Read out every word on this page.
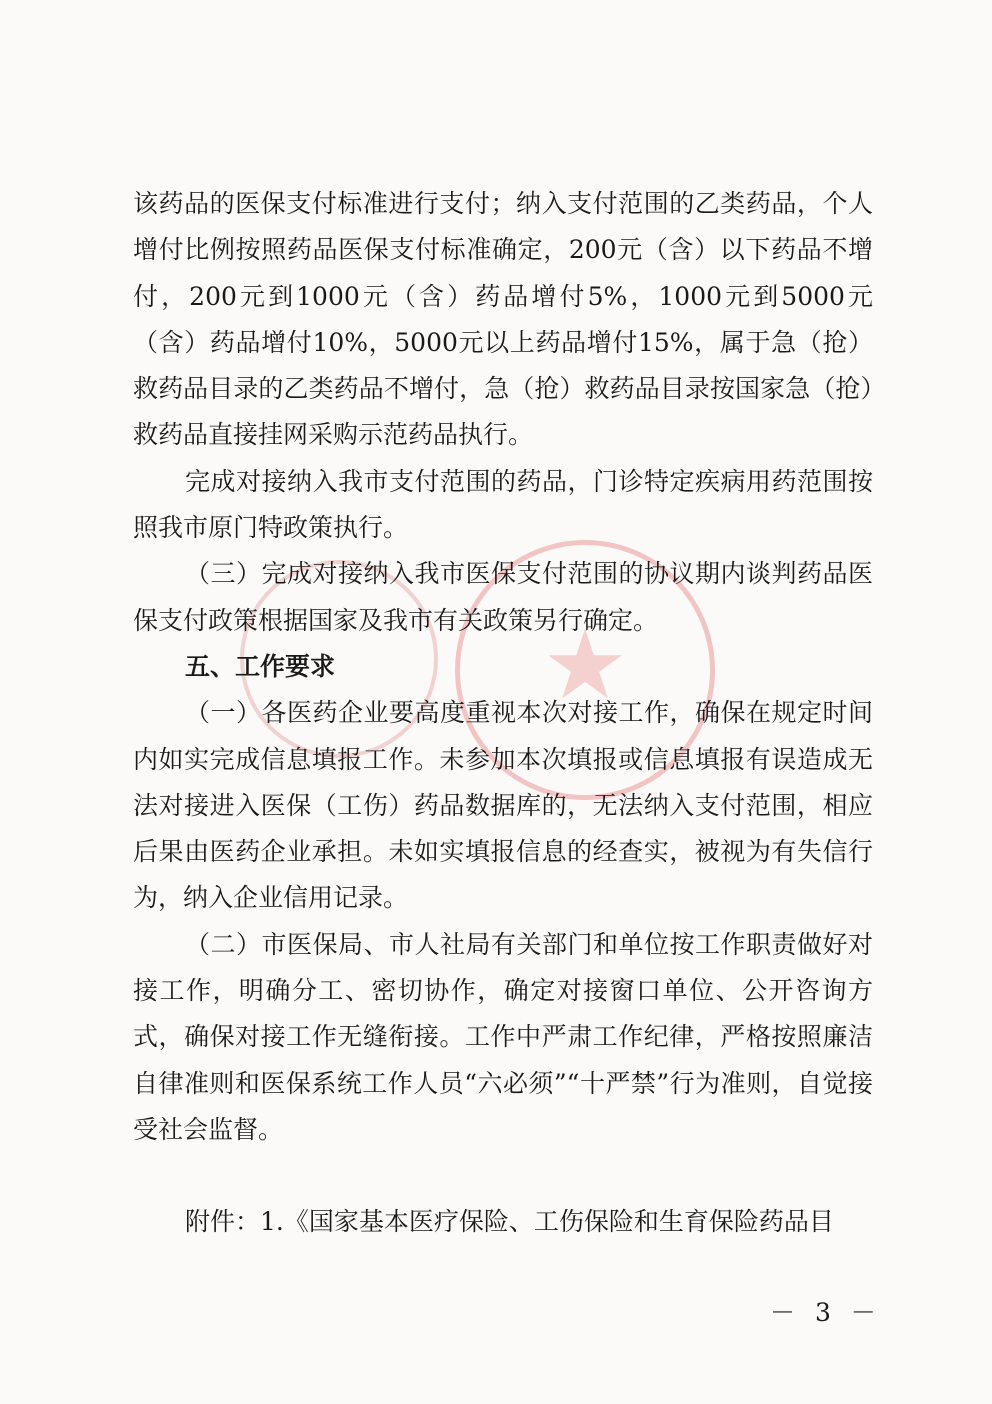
★

该药品的医保支付标准进行支付；纳入支付范围的乙类药品，个人增付比例按照药品医保支付标准确定，200元（含）以下药品不增付，200元到1000元（含）药品增付5%，1000元到5000元（含）药品增付10%，5000元以上药品增付15%，属于急（抢）救药品目录的乙类药品不增付，急（抢）救药品目录按国家急（抢）救药品直接挂网采购示范药品执行。

完成对接纳入我市支付范围的药品，门诊特定疾病用药范围按照我市原门特政策执行。

（三）完成对接纳入我市医保支付范围的协议期内谈判药品医保支付政策根据国家及我市有关政策另行确定。

五、工作要求

（一）各医药企业要高度重视本次对接工作，确保在规定时间内如实完成信息填报工作。未参加本次填报或信息填报有误造成无法对接进入医保（工伤）药品数据库的，无法纳入支付范围，相应后果由医药企业承担。未如实填报信息的经查实，被视为有失信行为，纳入企业信用记录。

（二）市医保局、市人社局有关部门和单位按工作职责做好对接工作，明确分工、密切协作，确定对接窗口单位、公开咨询方式，确保对接工作无缝衔接。工作中严肃工作纪律，严格按照廉洁自律准则和医保系统工作人员“六必须”“十严禁”行为准则，自觉接受社会监督。

附件：1.《国家基本医疗保险、工伤保险和生育保险药品目

－ 3 －
